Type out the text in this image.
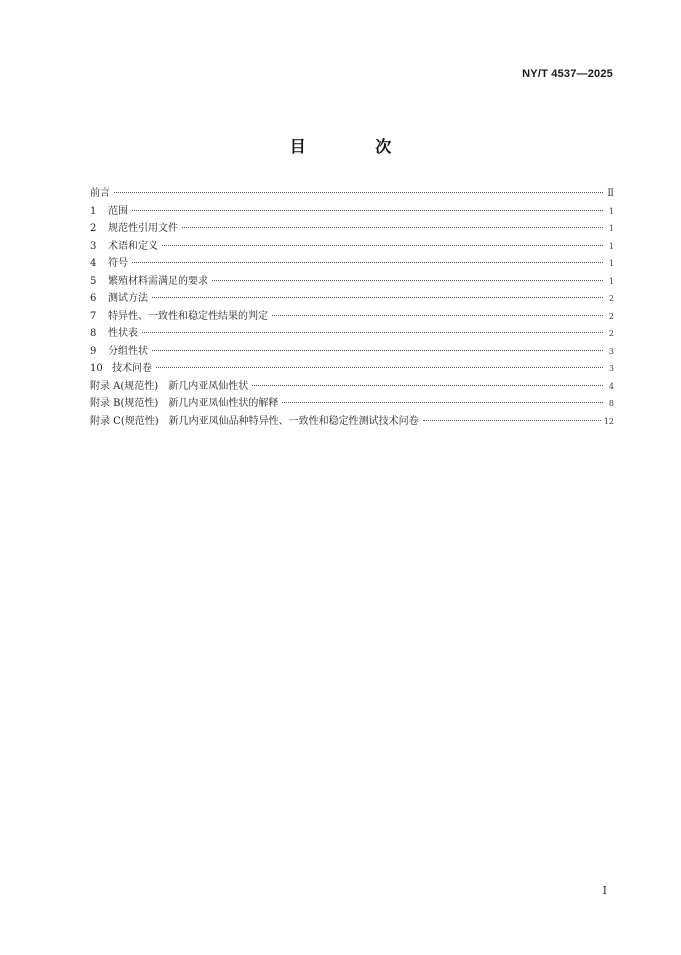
NY/T 4537—2025
目 次
前言	Ⅱ
1	范围	1
2	规范性引用文件	1
3	术语和定义	1
4	符号	1
5	繁殖材料需满足的要求	1
6	测试方法	2
7	特异性、一致性和稳定性结果的判定	2
8	性状表	2
9	分组性状	3
10 技术问卷	3
附录 A(规范性) 新几内亚凤仙性状	4
附录 B(规范性) 新几内亚凤仙性状的解释	8
附录 C(规范性) 新几内亚凤仙品种特异性、一致性和稳定性测试技术问卷	12
I
